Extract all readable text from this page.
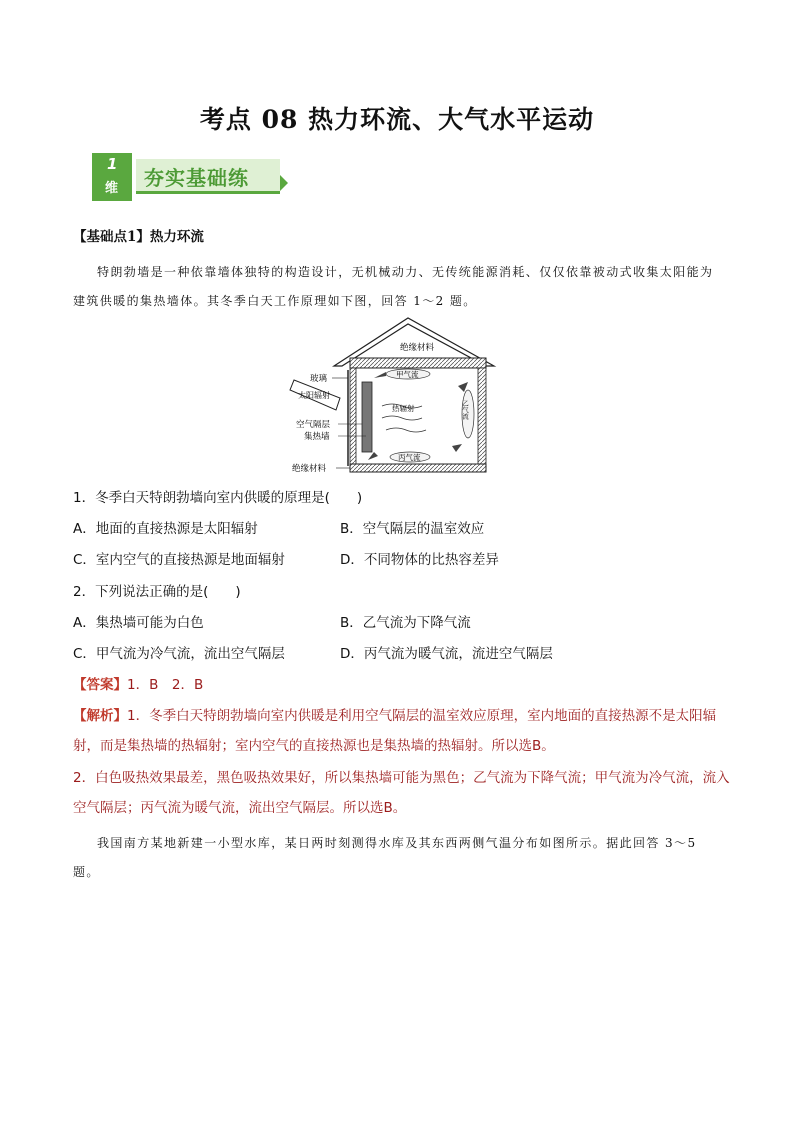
考点 08 热力环流、大气水平运动
1
维 夯实基础练
【基础点1】热力环流
特朗勃墙是一种依靠墙体独特的构造设计，无机械动力、无传统能源消耗、仅仅依靠被动式收集太阳能为建筑供暖的集热墙体。其冬季白天工作原理如下图，回答 1～2 题。
绝缘材料
玻璃
太阳辐射
空气隔层
集热墙
绝缘材料
甲气流
热辐射
丙气流
乙气流
1．冬季白天特朗勃墙向室内供暖的原理是(　　)
A．地面的直接热源是太阳辐射	B．空气隔层的温室效应
C．室内空气的直接热源是地面辐射	D．不同物体的比热容差异
2．下列说法正确的是(　　)
A．集热墙可能为白色	B．乙气流为下降气流
C．甲气流为冷气流，流出空气隔层	D．丙气流为暖气流，流进空气隔层
【答案】1．B　2．B
【解析】1．冬季白天特朗勃墙向室内供暖是利用空气隔层的温室效应原理，室内地面的直接热源不是太阳辐射，而是集热墙的热辐射；室内空气的直接热源也是集热墙的热辐射。所以选B。
2．白色吸热效果最差，黑色吸热效果好，所以集热墙可能为黑色；乙气流为下降气流；甲气流为冷气流，流入空气隔层；丙气流为暖气流，流出空气隔层。所以选B。
我国南方某地新建一小型水库，某日两时刻测得水库及其东西两侧气温分布如图所示。据此回答 3～5 题。
